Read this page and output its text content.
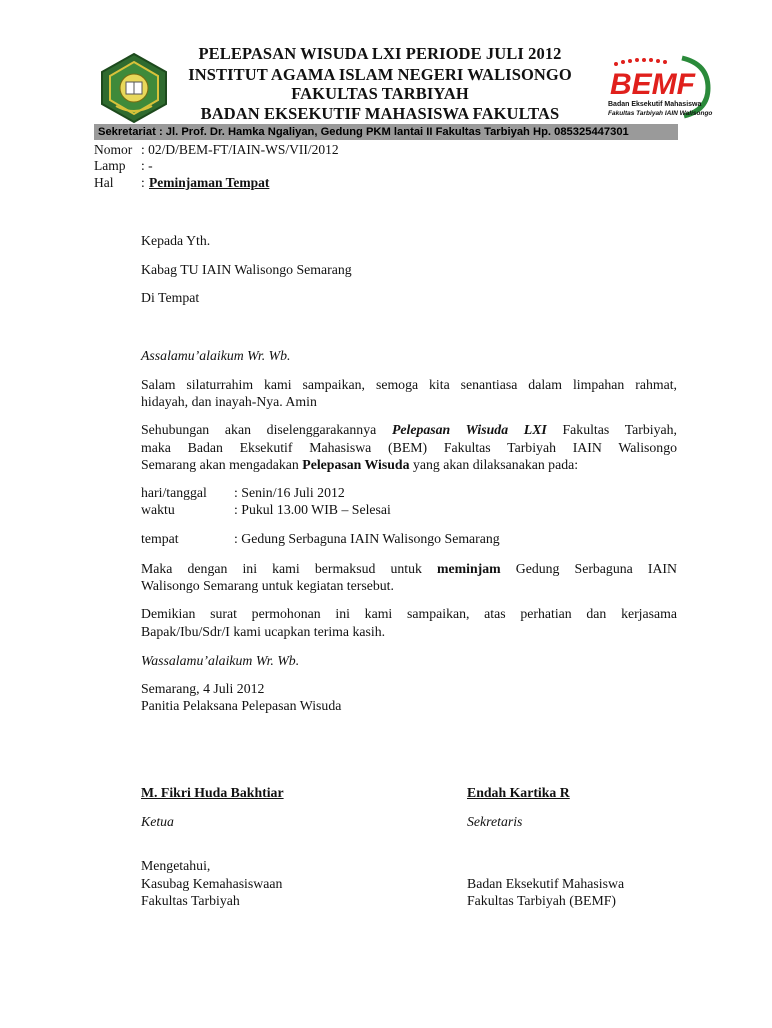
PELEPASAN WISUDA LXI PERIODE JULI 2012
INSTITUT AGAMA ISLAM NEGERI WALISONGO
FAKULTAS TARBIYAH
BADAN EKSEKUTIF MAHASISWA FAKULTAS
BEMF
Badan Eksekutif Mahasiswa
Fakultas Tarbiyah IAIN Walisongo
Sekretariat : Jl. Prof. Dr. Hamka Ngaliyan, Gedung PKM lantai II Fakultas Tarbiyah Hp. 085325447301
Nomor : 02/D/BEM-FT/IAIN-WS/VII/2012
Lamp : -
Hal : Peminjaman Tempat
Kepada Yth.
Kabag TU IAIN Walisongo Semarang
Di Tempat
Assalamu’alaikum Wr. Wb.
Salam silaturrahim kami sampaikan, semoga kita senantiasa dalam limpahan rahmat,
hidayah, dan inayah-Nya. Amin
Sehubungan akan diselenggarakannya Pelepasan Wisuda LXI Fakultas Tarbiyah,
maka Badan Eksekutif Mahasiswa (BEM) Fakultas Tarbiyah IAIN Walisongo
Semarang akan mengadakan Pelepasan Wisuda yang akan dilaksanakan pada:
hari/tanggal : Senin/16 Juli 2012
waktu	: Pukul 13.00 WIB – Selesai
tempat	: Gedung Serbaguna IAIN Walisongo Semarang
Maka dengan ini kami bermaksud untuk meminjam Gedung Serbaguna IAIN
Walisongo Semarang untuk kegiatan tersebut.
Demikian surat permohonan ini kami sampaikan, atas perhatian dan kerjasama
Bapak/Ibu/Sdr/I kami ucapkan terima kasih.
Wassalamu’alaikum Wr. Wb.
Semarang, 4 Juli 2012
Panitia Pelaksana Pelepasan Wisuda
M. Fikri Huda Bakhtiar	Endah Kartika R
Ketua	Sekretaris
Mengetahui,
Kasubag Kemahasiswaan	Badan Eksekutif Mahasiswa
Fakultas Tarbiyah	Fakultas Tarbiyah (BEMF)
